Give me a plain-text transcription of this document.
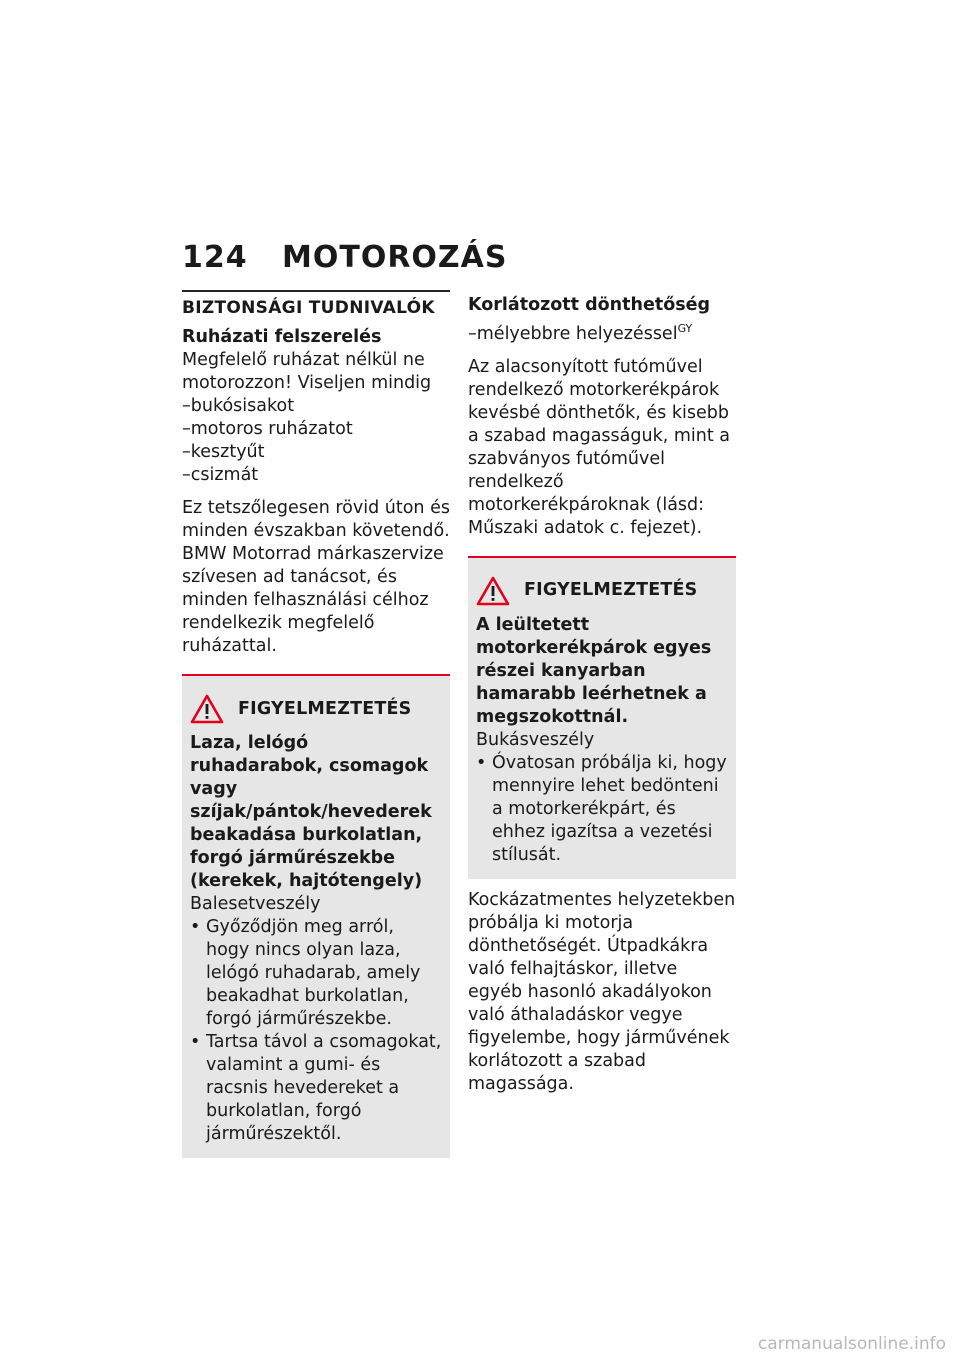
124 MOTOROZÁS
BIZTONSÁGI TUDNIVALÓK

Ruházati felszerelés

Megfelelő ruházat nélkül ne motorozzon! Viseljen mindig

–bukósisakot
–motoros ruházatot
–kesztyűt
–csizmát

Ez tetszőlegesen rövid úton és minden évszakban követendő. BMW Motorrad márkaszervize szívesen ad tanácsot, és minden felhasználási célhoz rendelkezik megfelelő ruházattal.

FIGYELMEZTETÉS

Laza, lelógó ruhadarabok, csomagok vagy szíjak/pántok/hevederek beakadása burkolatlan, forgó járműrészekbe (kerekek, hajtótengely)

Balesetveszély

• Győződjön meg arról, hogy nincs olyan laza, lelógó ruhadarab, amely beakadhat burkolatlan, forgó járműrészekbe.
• Tartsa távol a csomagokat, valamint a gumi- és racsnis hevedereket a burkolatlan, forgó járműrészektől.

Korlátozott dönthetőség

–mélyebbre helyezéssel$^{GY}$

Az alacsonyított futóművel rendelkező motorkerékpárok kevésbé dönthetők, és kisebb a szabad magasságuk, mint a szabványos futóművel rendelkező motorkerékpároknak (lásd: Műszaki adatok c. fejezet).

FIGYELMEZTETÉS

A leültetett motorkerékpárok egyes részei kanyarban hamarabb leérhetnek a megszokottnál.

Bukásveszély

• Óvatosan próbálja ki, hogy mennyire lehet bedönteni a motorkerékpárt, és ehhez igazítsa a vezetési stílusát.

Kockázatmentes helyzetekben próbálja ki motorja dönthetőségét. Útpadkákra való felhajtáskor, illetve egyéb hasonló akadályokon való áthaladáskor vegye figyelembe, hogy járművének korlátozott a szabad magassága.

carmanualsonline.info
